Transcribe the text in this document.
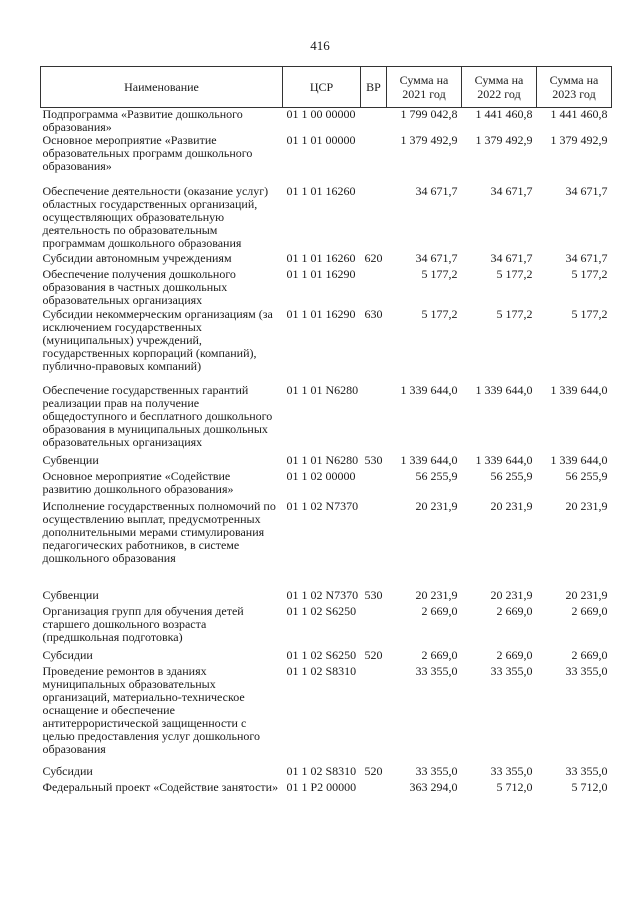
416
Наименование	ЦСР	ВР	Сумма на 2021 год	Сумма на 2022 год	Сумма на 2023 год
Подпрограмма «Развитие дошкольного образования»	01 1 00 00000		1 799 042,8	1 441 460,8	1 441 460,8
Основное мероприятие «Развитие образовательных программ дошкольного образования»	01 1 01 00000		1 379 492,9	1 379 492,9	1 379 492,9
Обеспечение деятельности (оказание услуг) областных государственных организаций, осуществляющих образовательную деятельность по образовательным программам дошкольного образования	01 1 01 16260		34 671,7	34 671,7	34 671,7
Субсидии автономным учреждениям	01 1 01 16260	620	34 671,7	34 671,7	34 671,7
Обеспечение получения дошкольного образования в частных дошкольных образовательных организациях	01 1 01 16290		5 177,2	5 177,2	5 177,2
Субсидии некоммерческим организациям (за исключением государственных (муниципальных) учреждений, государственных корпораций (компаний), публично-правовых компаний)	01 1 01 16290	630	5 177,2	5 177,2	5 177,2
Обеспечение государственных гарантий реализации прав на получение общедоступного и бесплатного дошкольного образования в муниципальных дошкольных образовательных организациях	01 1 01 N6280		1 339 644,0	1 339 644,0	1 339 644,0
Субвенции	01 1 01 N6280	530	1 339 644,0	1 339 644,0	1 339 644,0
Основное мероприятие «Содействие развитию дошкольного образования»	01 1 02 00000		56 255,9	56 255,9	56 255,9
Исполнение государственных полномочий по осуществлению выплат, предусмотренных дополнительными мерами стимулирования педагогических работников, в системе дошкольного образования	01 1 02 N7370		20 231,9	20 231,9	20 231,9
Субвенции	01 1 02 N7370	530	20 231,9	20 231,9	20 231,9
Организация групп для обучения детей старшего дошкольного возраста (предшкольная подготовка)	01 1 02 S6250		2 669,0	2 669,0	2 669,0
Субсидии	01 1 02 S6250	520	2 669,0	2 669,0	2 669,0
Проведение ремонтов в зданиях муниципальных образовательных организаций, материально-техническое оснащение и обеспечение антитеррористической защищенности с целью предоставления услуг дошкольного образования	01 1 02 S8310		33 355,0	33 355,0	33 355,0
Субсидии	01 1 02 S8310	520	33 355,0	33 355,0	33 355,0
Федеральный проект «Содействие занятости»	01 1 P2 00000		363 294,0	5 712,0	5 712,0
